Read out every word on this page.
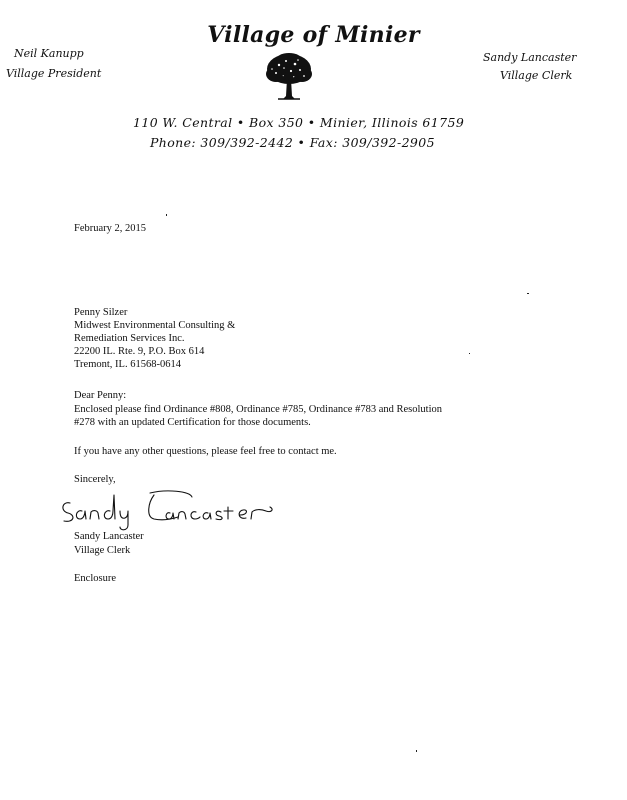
Village of Minier
Neil Kanupp
Village President
Sandy Lancaster
Village Clerk
110 W. Central • Box 350 • Minier, Illinois 61759
Phone: 309/392-2442 • Fax: 309/392-2905
February 2, 2015
Penny Silzer
Midwest Environmental Consulting &
Remediation Services Inc.
22200 IL. Rte. 9, P.O. Box 614
Tremont, IL. 61568-0614
Dear Penny:
Enclosed please find Ordinance #808, Ordinance #785, Ordinance #783 and Resolution
#278 with an updated Certification for those documents.
If you have any other questions, please feel free to contact me.
Sincerely,
Sandy Lancaster
Village Clerk
Enclosure
